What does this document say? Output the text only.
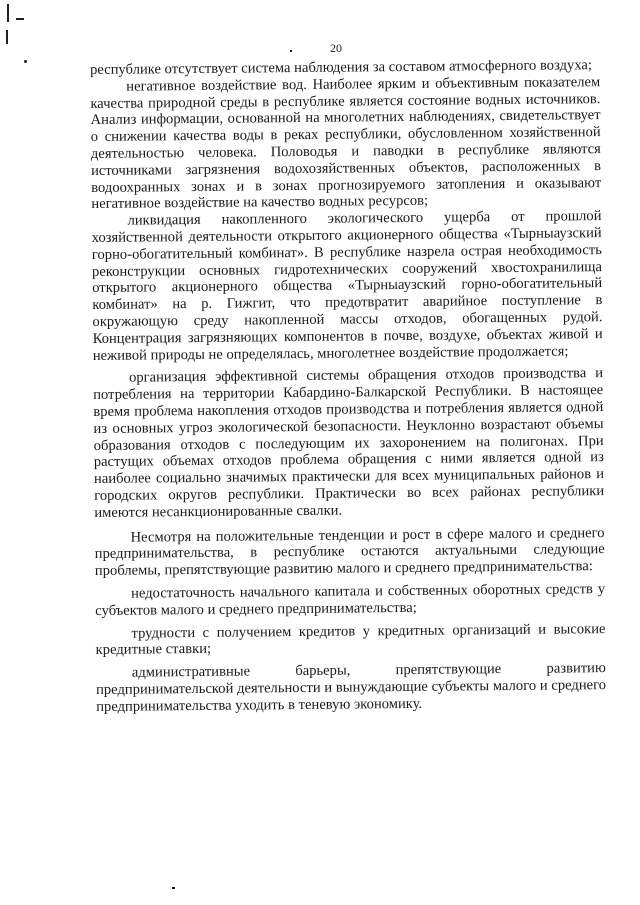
20

республике отсутствует система наблюдения за составом атмосферного воздуха;

негативное воздействие вод. Наиболее ярким и объективным показателем качества природной среды в республике является состояние водных источников. Анализ информации, основанной на многолетних наблюдениях, свидетельствует о снижении качества воды в реках республики, обусловленном хозяйственной деятельностью человека. Половодья и паводки в республике являются источниками загрязнения водохозяйственных объектов, расположенных в водоохранных зонах и в зонах прогнозируемого затопления и оказывают негативное воздействие на качество водных ресурсов;

ликвидация накопленного экологического ущерба от прошлой хозяйственной деятельности открытого акционерного общества «Тырныаузский горно-обогатительный комбинат». В республике назрела острая необходимость реконструкции основных гидротехнических сооружений хвостохранилища открытого акционерного общества «Тырныаузский горно-обогатительный комбинат» на р. Гижгит, что предотвратит аварийное поступление в окружающую среду накопленной массы отходов, обогащенных рудой. Концентрация загрязняющих компонентов в почве, воздухе, объектах живой и неживой природы не определялась, многолетнее воздействие продолжается;

организация эффективной системы обращения отходов производства и потребления на территории Кабардино-Балкарской Республики. В настоящее время проблема накопления отходов производства и потребления является одной из основных угроз экологической безопасности. Неуклонно возрастают объемы образования отходов с последующим их захоронением на полигонах. При растущих объемах отходов проблема обращения с ними является одной из наиболее социально значимых практически для всех муниципальных районов и городских округов республики. Практически во всех районах республики имеются несанкционированные свалки.

Несмотря на положительные тенденции и рост в сфере малого и среднего предпринимательства, в республике остаются актуальными следующие проблемы, препятствующие развитию малого и среднего предпринимательства:

недостаточность начального капитала и собственных оборотных средств у субъектов малого и среднего предпринимательства;

трудности с получением кредитов у кредитных организаций и высокие кредитные ставки;

административные барьеры, препятствующие развитию предпринимательской деятельности и вынуждающие субъекты малого и среднего предпринимательства уходить в теневую экономику.
